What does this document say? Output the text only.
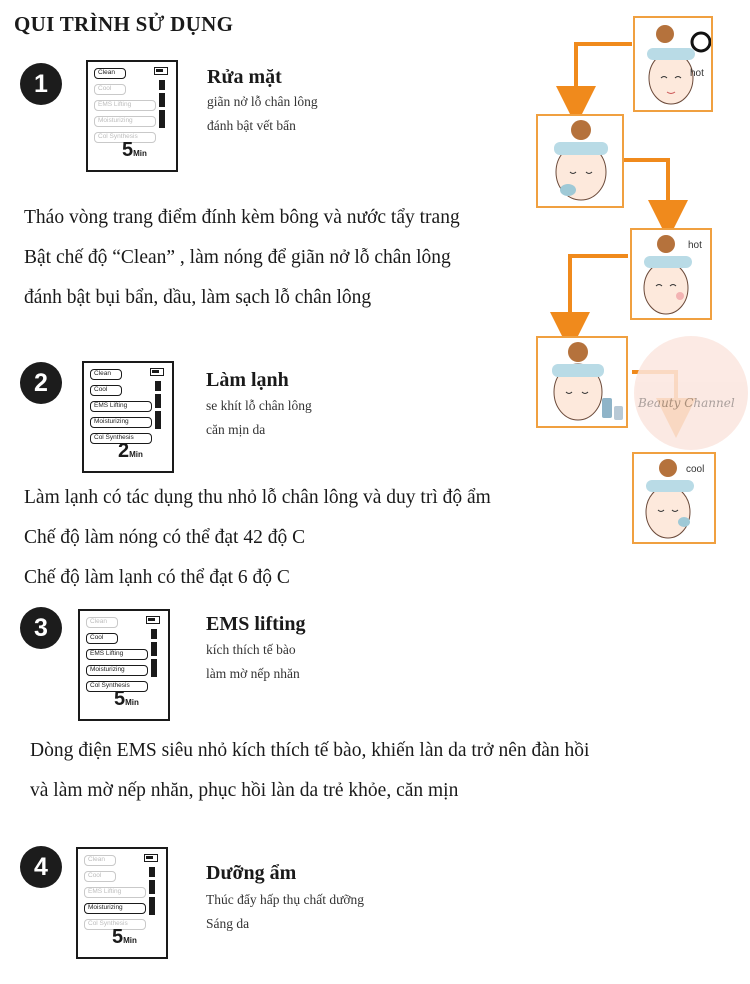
QUI TRÌNH SỬ DỤNG
1	Clean
Cool
EMS Lifting
Moisturizing
Col Synthesis
5Min
Rửa mặt
giãn nở lỗ chân lông
đánh bật vết bẩn
Tháo vòng trang điểm đính kèm bông và nước tẩy trang
Bật chế độ “Clean” , làm nóng để giãn nở lỗ chân lông
đánh bật bụi bẩn, dầu, làm sạch lỗ chân lông
2	Clean
Cool
EMS Lifting
Moisturizing
Col Synthesis
2Min
Làm lạnh
se khít lỗ chân lông
căn mịn da
Làm lạnh có tác dụng thu nhỏ lỗ chân lông và duy trì độ ẩm
Chế độ làm nóng có thể đạt 42 độ C
Chế độ làm lạnh có thể đạt 6 độ C
3	Clean
Cool
EMS Lifting
Moisturizing
Col Synthesis
5Min
EMS lifting
kích thích tế bào
làm mờ nếp nhăn
Dòng điện EMS siêu nhỏ kích thích tế bào, khiến làn da trở nên đàn hồi
và làm mờ nếp nhăn, phục hồi làn da trẻ khỏe, căn mịn
4	Clean
Cool
EMS Lifting
Moisturizing
Col Synthesis
5Min
Dưỡng ẩm
Thúc đẩy hấp thụ chất dưỡng
Sáng da
Beauty Channel
hot
hot
cool
